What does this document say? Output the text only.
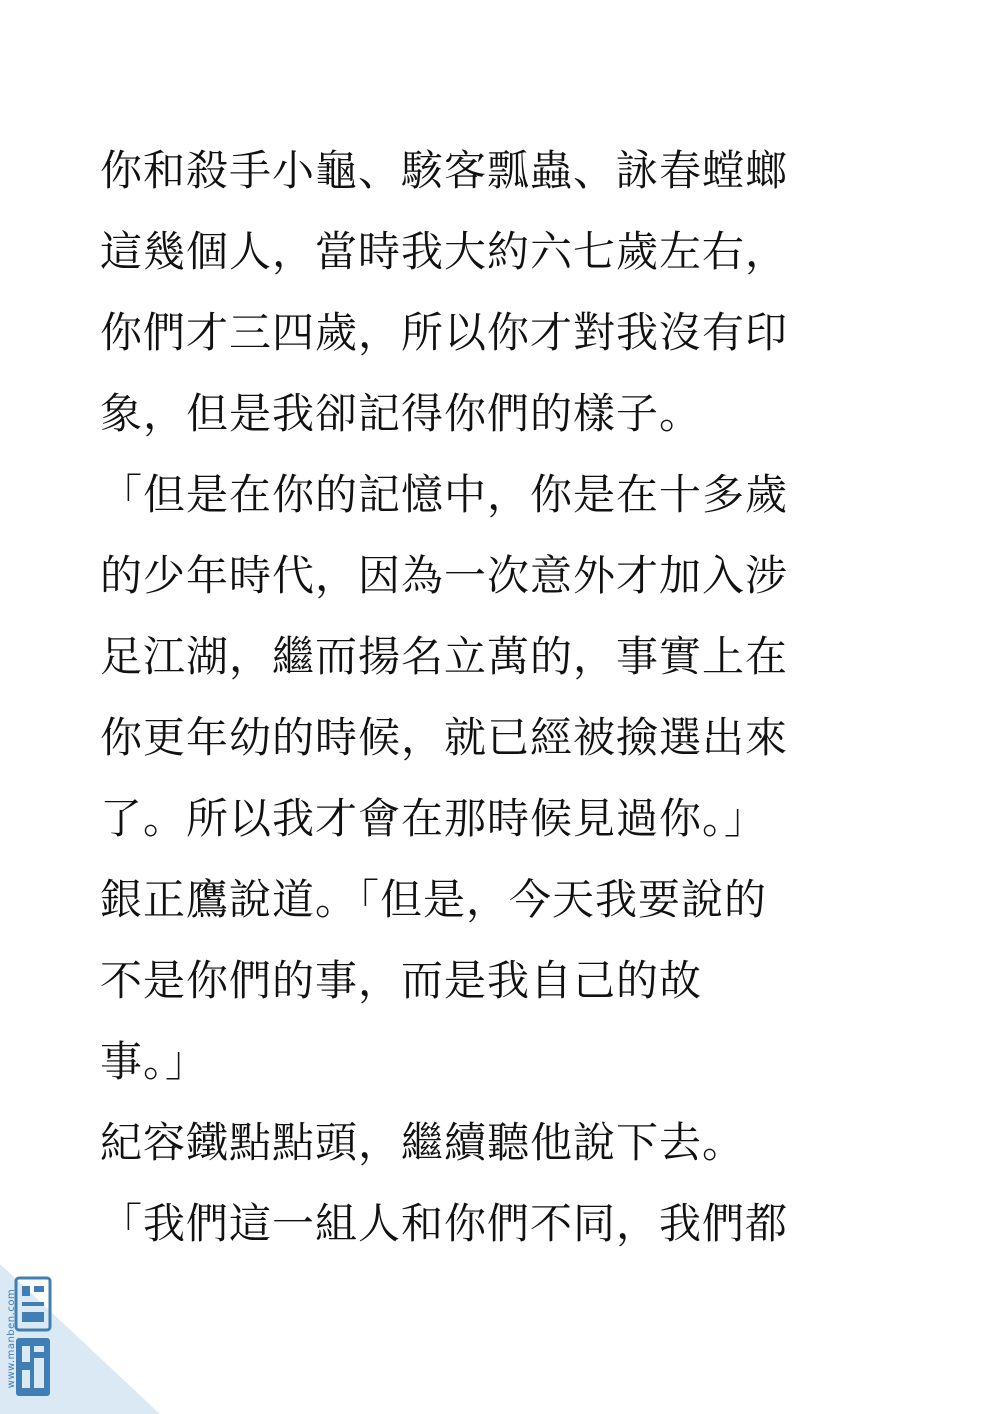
你和殺手小龜、駭客瓢蟲、詠春螳螂
這幾個人，當時我大約六七歲左右，
你們才三四歲，所以你才對我沒有印
象，但是我卻記得你們的樣子。
「但是在你的記憶中，你是在十多歲
的少年時代，因為一次意外才加入涉
足江湖，繼而揚名立萬的，事實上在
你更年幼的時候，就已經被撿選出來
了。所以我才會在那時候見過你。」
銀正鷹說道。「但是，今天我要說的
不是你們的事，而是我自己的故
事。」
紀容鐵點點頭，繼續聽他說下去。
「我們這一組人和你們不同，我們都
www.manben.com
